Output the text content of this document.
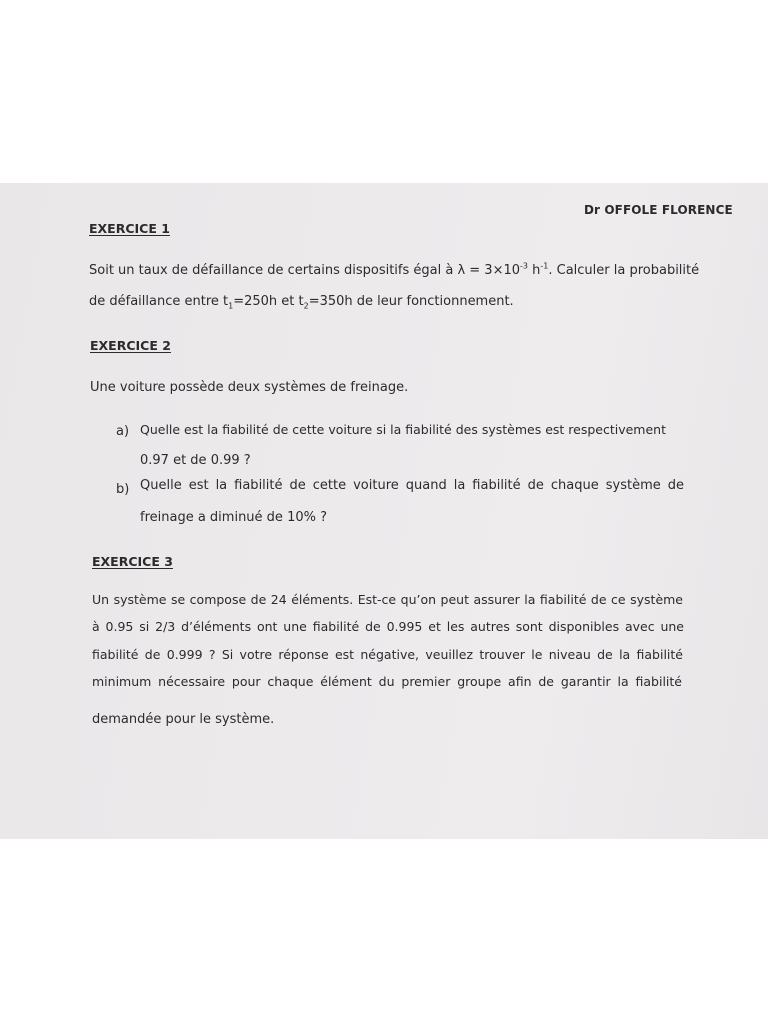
Dr OFFOLE FLORENCE
EXERCICE 1
Soit un taux de défaillance de certains dispositifs égal à $\lambda = 3\times 10^{-3}$ $h^{-1}$. Calculer la probabilité
de défaillance entre $t_1=250h$ et $t_2=350h$ de leur fonctionnement.
EXERCICE 2
Une voiture possède deux systèmes de freinage.
a) Quelle est la fiabilité de cette voiture si la fiabilité des systèmes est respectivement
0.97 et de 0.99 ?
b) Quelle est la fiabilité de cette voiture quand la fiabilité de chaque système de
freinage a diminué de 10% ?
EXERCICE 3
Un système se compose de 24 éléments. Est-ce qu’on peut assurer la fiabilité de ce système
à 0.95 si 2/3 d’éléments ont une fiabilité de 0.995 et les autres sont disponibles avec une
fiabilité de 0.999 ? Si votre réponse est négative, veuillez trouver le niveau de la fiabilité
minimum nécessaire pour chaque élément du premier groupe afin de garantir la fiabilité
demandée pour le système.
